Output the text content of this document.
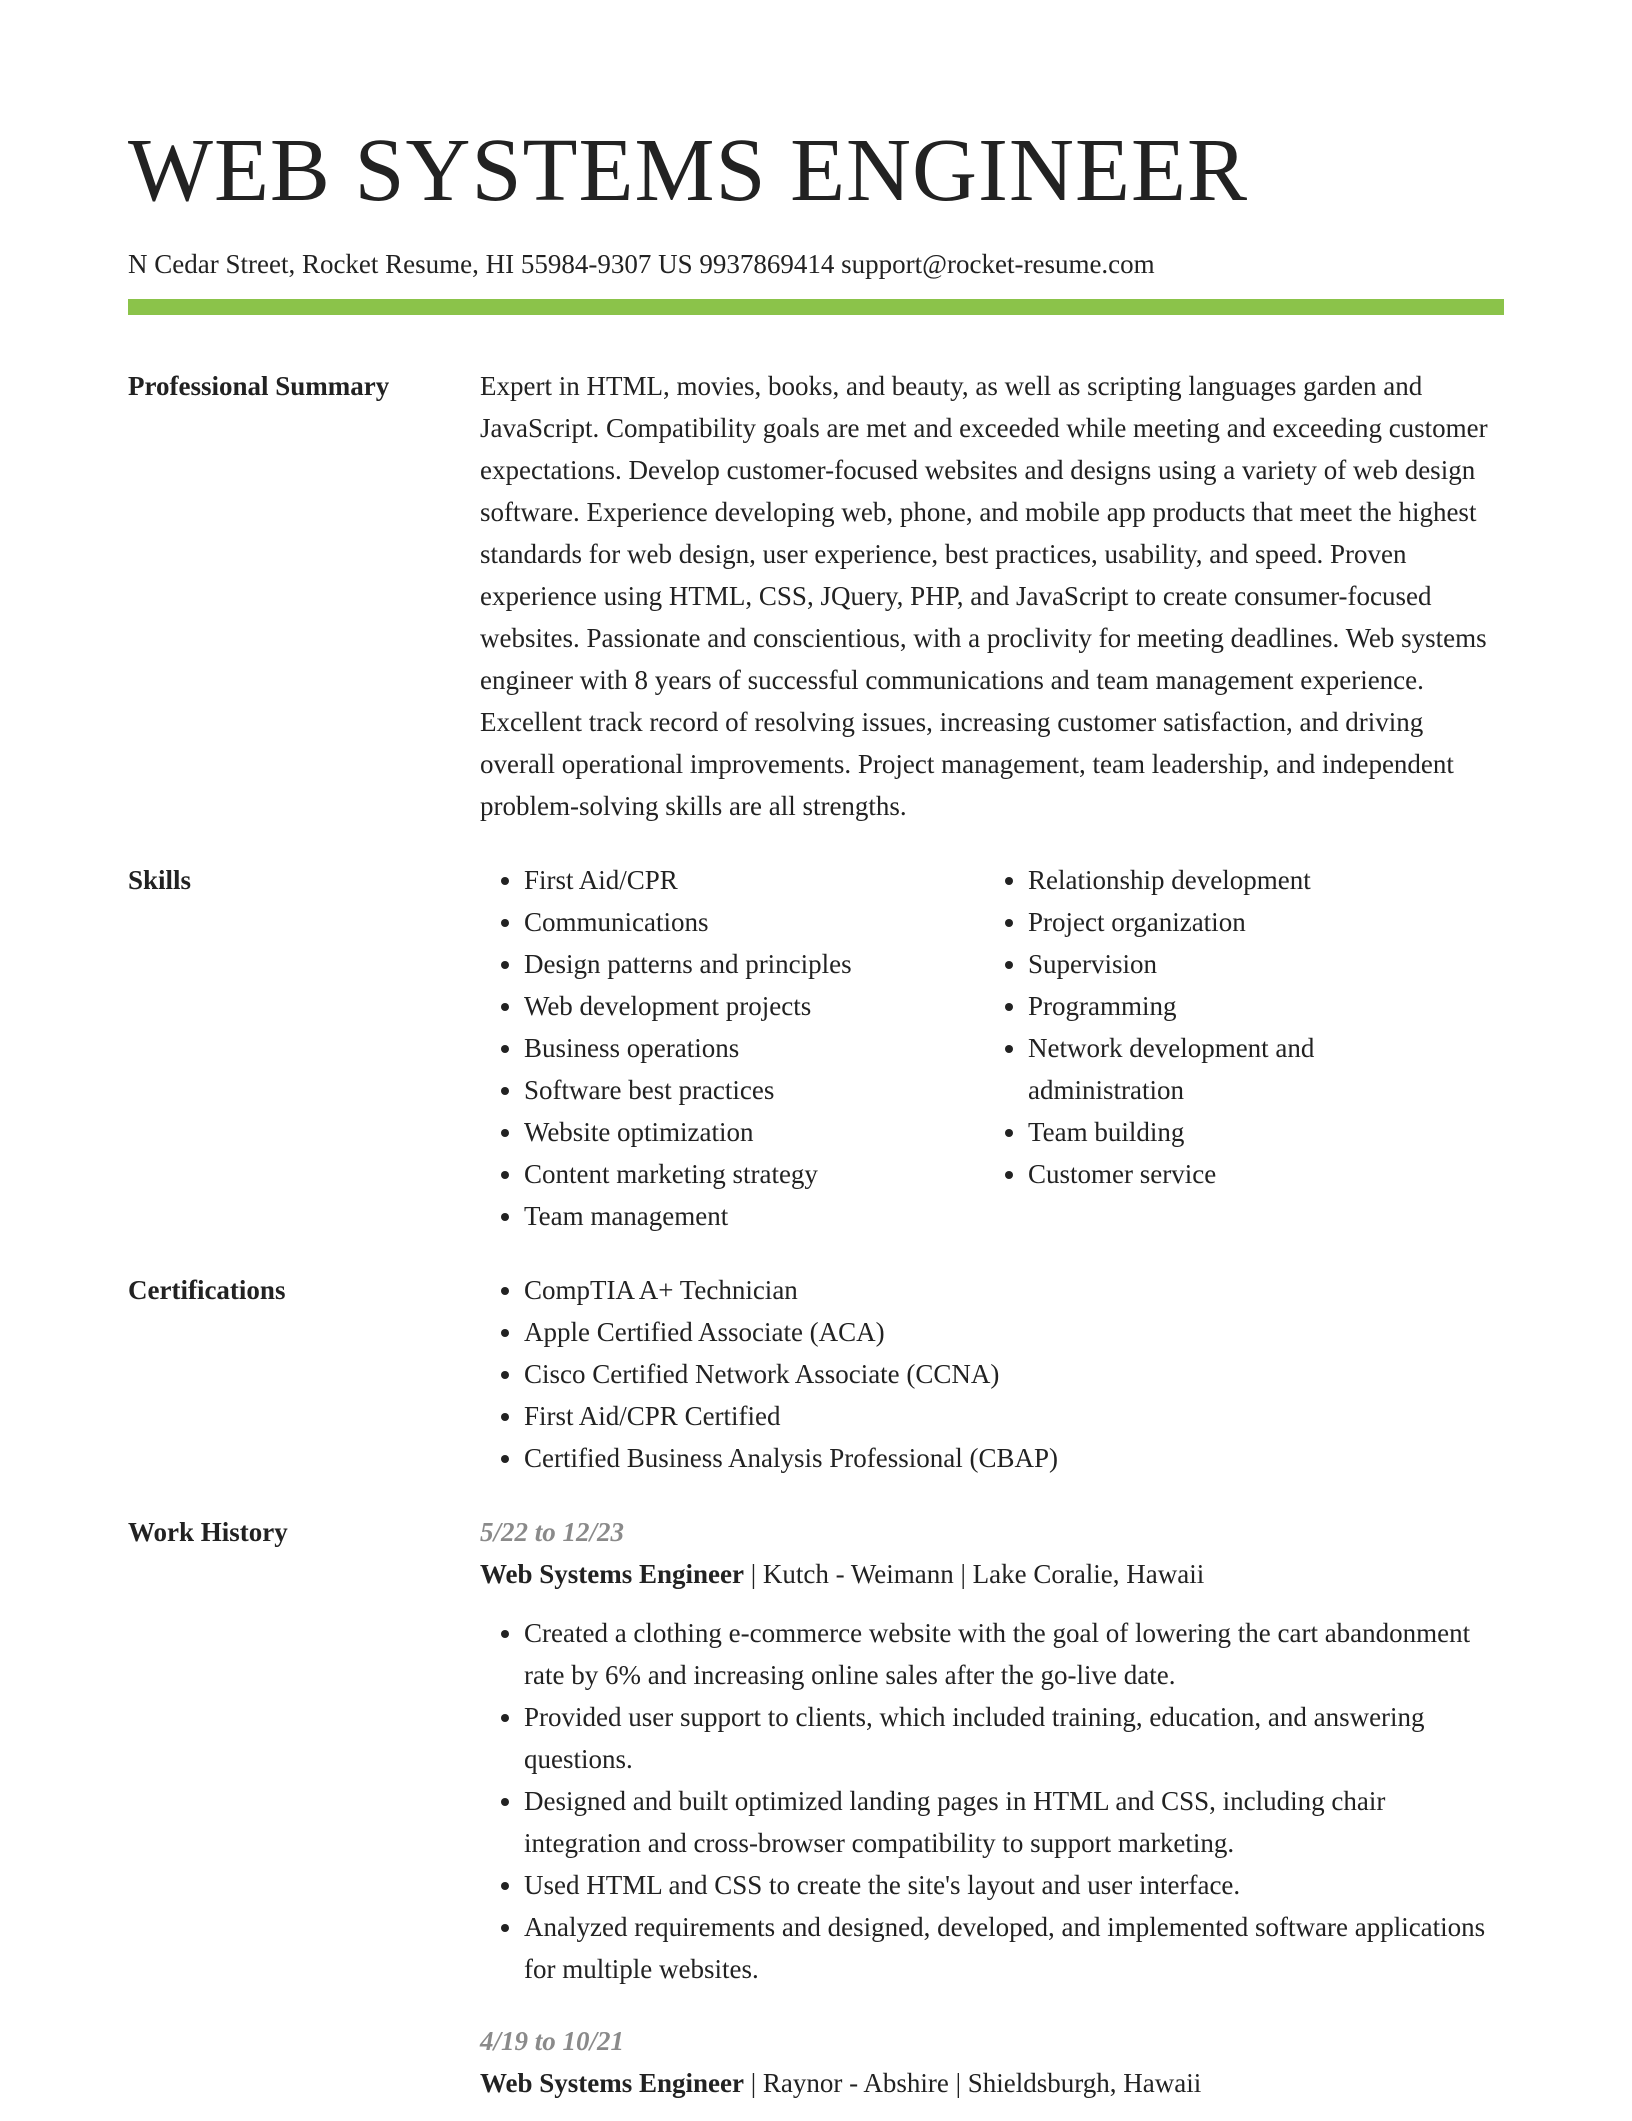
WEB SYSTEMS ENGINEER
N Cedar Street, Rocket Resume, HI 55984-9307 US 9937869414 support@rocket-resume.com
Professional Summary	Expert in HTML, movies, books, and beauty, as well as scripting languages garden and JavaScript. Compatibility goals are met and exceeded while meeting and exceeding customer expectations. Develop customer-focused websites and designs using a variety of web design software. Experience developing web, phone, and mobile app products that meet the highest standards for web design, user experience, best practices, usability, and speed. Proven experience using HTML, CSS, JQuery, PHP, and JavaScript to create consumer-focused websites. Passionate and conscientious, with a proclivity for meeting deadlines. Web systems engineer with 8 years of successful communications and team management experience. Excellent track record of resolving issues, increasing customer satisfaction, and driving overall operational improvements. Project management, team leadership, and independent problem-solving skills are all strengths.

Skills	• First Aid/CPR
• Communications
• Design patterns and principles
• Web development projects
• Business operations
• Software best practices
• Website optimization
• Content marketing strategy
• Team management
• Relationship development
• Project organization
• Supervision
• Programming
• Network development and administration
• Team building
• Customer service
Certifications	• CompTIA A+ Technician
• Apple Certified Associate (ACA)
• Cisco Certified Network Associate (CCNA)
• First Aid/CPR Certified
• Certified Business Analysis Professional (CBAP)
Work History	5/22 to 12/23
Web Systems Engineer | Kutch - Weimann | Lake Coralie, Hawaii
• Created a clothing e-commerce website with the goal of lowering the cart abandonment rate by 6% and increasing online sales after the go-live date.
• Provided user support to clients, which included training, education, and answering questions.
• Designed and built optimized landing pages in HTML and CSS, including chair integration and cross-browser compatibility to support marketing.
• Used HTML and CSS to create the site's layout and user interface.
• Analyzed requirements and designed, developed, and implemented software applications for multiple websites.
4/19 to 10/21
Web Systems Engineer | Raynor - Abshire | Shieldsburgh, Hawaii
